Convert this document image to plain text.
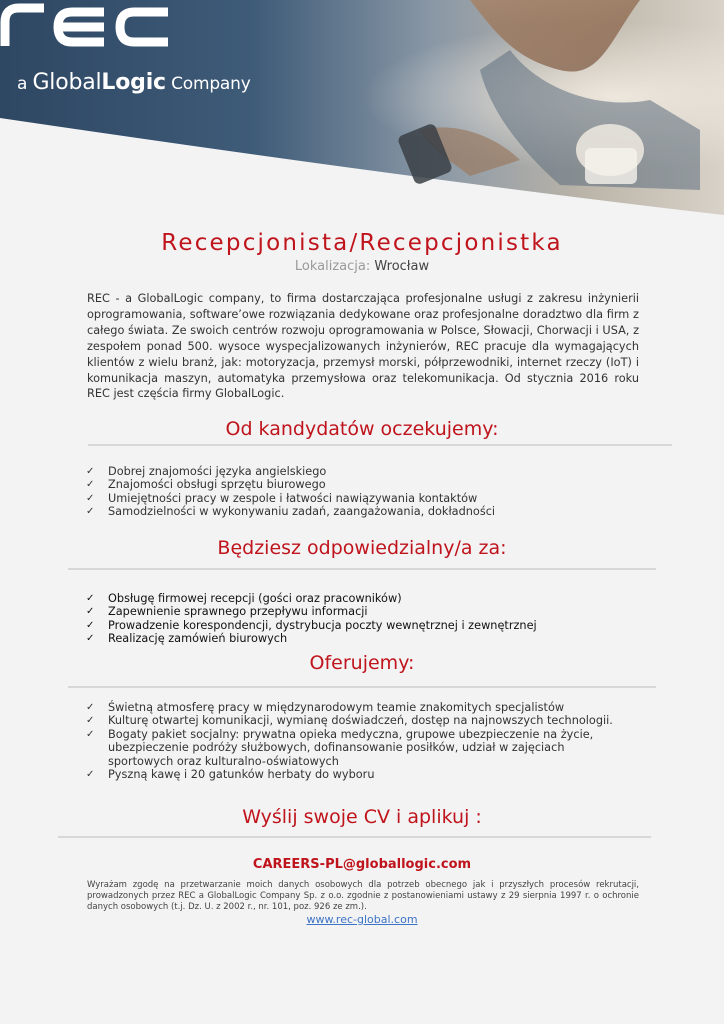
a GlobalLogic Company
Recepcjonista/Recepcjonistka
Lokalizacja: Wrocław
REC - a GlobalLogic company, to firma dostarczająca profesjonalne usługi z zakresu inżynierii oprogramowania, software’owe rozwiązania dedykowane oraz profesjonalne doradztwo dla firm z całego świata. Ze swoich centrów rozwoju oprogramowania w Polsce, Słowacji, Chorwacji i USA, z zespołem ponad 500. wysoce wyspecjalizowanych inżynierów, REC pracuje dla wymagających klientów z wielu branż, jak: motoryzacja, przemysł morski, półprzewodniki, internet rzeczy (IoT) i komunikacja maszyn, automatyka przemysłowa oraz telekomunikacja. Od stycznia 2016 roku REC jest częścia firmy GlobalLogic.
Od kandydatów oczekujemy:
✓ Dobrej znajomości języka angielskiego
✓ Znajomości obsługi sprzętu biurowego
✓ Umiejętności pracy w zespole i łatwości nawiązywania kontaktów
✓ Samodzielności w wykonywaniu zadań, zaangażowania, dokładności
Będziesz odpowiedzialny/a za:
✓ Obsługę firmowej recepcji (gości oraz pracowników)
✓ Zapewnienie sprawnego przepływu informacji
✓ Prowadzenie korespondencji, dystrybucja poczty wewnętrznej i zewnętrznej
✓ Realizację zamówień biurowych
Oferujemy:
✓ Świetną atmosferę pracy w międzynarodowym teamie znakomitych specjalistów
✓ Kulturę otwartej komunikacji, wymianę doświadczeń, dostęp na najnowszych technologii.
✓ Bogaty pakiet socjalny: prywatna opieka medyczna, grupowe ubezpieczenie na życie, ubezpieczenie podróży służbowych, dofinansowanie posiłków, udział w zajęciach sportowych oraz kulturalno-oświatowych
✓ Pyszną kawę i 20 gatunków herbaty do wyboru
Wyślij swoje CV i aplikuj :
CAREERS-PL@globallogic.com
Wyrażam zgodę na przetwarzanie moich danych osobowych dla potrzeb obecnego jak i przyszłych procesów rekrutacji, prowadzonych przez REC a GlobalLogic Company Sp. z o.o. zgodnie z postanowieniami ustawy z 29 sierpnia 1997 r. o ochronie danych osobowych (t.j. Dz. U. z 2002 r., nr. 101, poz. 926 ze zm.).
www.rec-global.com
